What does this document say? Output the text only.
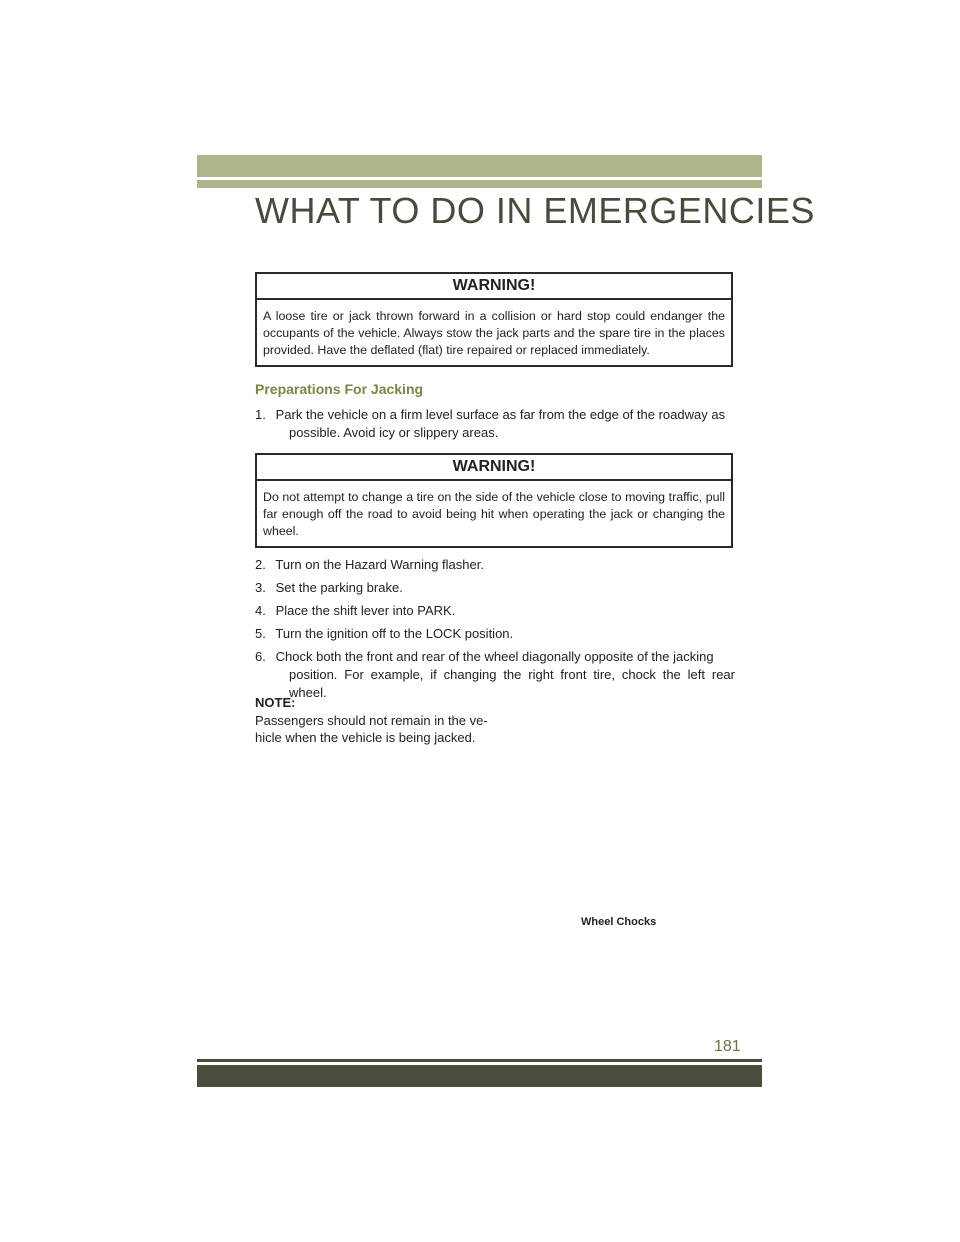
WHAT TO DO IN EMERGENCIES
WARNING!
A loose tire or jack thrown forward in a collision or hard stop could endanger the occupants of the vehicle. Always stow the jack parts and the spare tire in the places provided. Have the deflated (flat) tire repaired or replaced immediately.
Preparations For Jacking
1. Park the vehicle on a firm level surface as far from the edge of the roadway as
possible. Avoid icy or slippery areas.
WARNING!
Do not attempt to change a tire on the side of the vehicle close to moving traffic, pull far enough off the road to avoid being hit when operating the jack or changing the wheel.
2. Turn on the Hazard Warning flasher.
3. Set the parking brake.
4. Place the shift lever into PARK.
5. Turn the ignition off to the LOCK position.
6. Chock both the front and rear of the wheel diagonally opposite of the jacking
position. For example, if changing the right front tire, chock the left rear wheel.
NOTE:
Passengers should not remain in the ve-
hicle when the vehicle is being jacked.
Wheel Chocks
181
